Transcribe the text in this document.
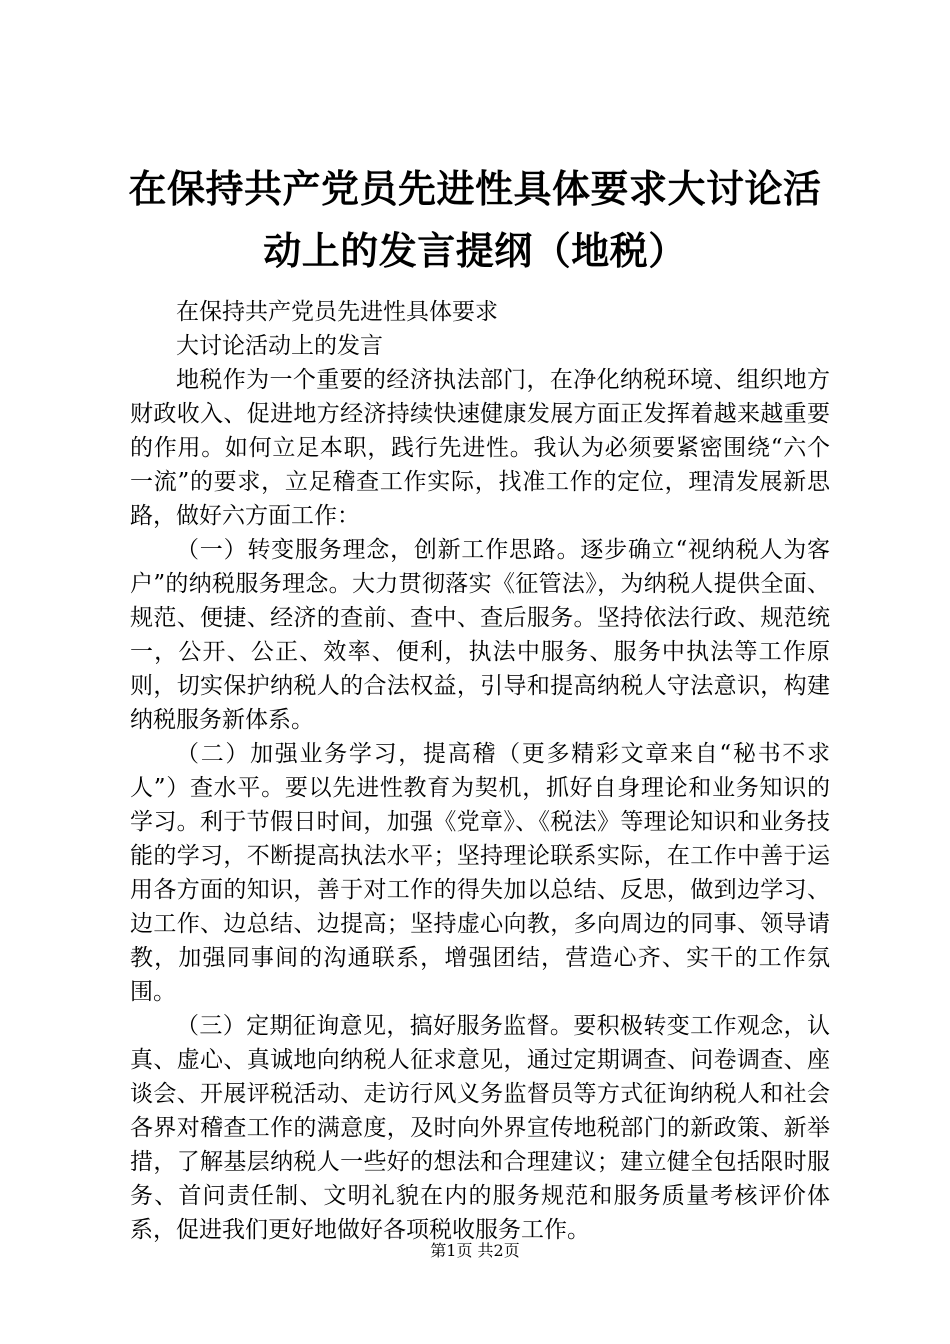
在保持共产党员先进性具体要求大讨论活动上的发言提纲（地税）

在保持共产党员先进性具体要求

大讨论活动上的发言

地税作为一个重要的经济执法部门，在净化纳税环境、组织地方财政收入、促进地方经济持续快速健康发展方面正发挥着越来越重要的作用。如何立足本职，践行先进性。我认为必须要紧密围绕“六个一流”的要求，立足稽查工作实际，找准工作的定位，理清发展新思路，做好六方面工作：

（一）转变服务理念，创新工作思路。逐步确立“视纳税人为客户”的纳税服务理念。大力贯彻落实《征管法》，为纳税人提供全面、规范、便捷、经济的查前、查中、查后服务。坚持依法行政、规范统一，公开、公正、效率、便利，执法中服务、服务中执法等工作原则，切实保护纳税人的合法权益，引导和提高纳税人守法意识，构建纳税服务新体系。

（二）加强业务学习，提高稽（更多精彩文章来自“秘书不求人”）查水平。要以先进性教育为契机，抓好自身理论和业务知识的学习。利于节假日时间，加强《党章》、《税法》等理论知识和业务技能的学习，不断提高执法水平；坚持理论联系实际，在工作中善于运用各方面的知识，善于对工作的得失加以总结、反思，做到边学习、边工作、边总结、边提高；坚持虚心向教，多向周边的同事、领导请教，加强同事间的沟通联系，增强团结，营造心齐、实干的工作氛围。

（三）定期征询意见，搞好服务监督。要积极转变工作观念，认真、虚心、真诚地向纳税人征求意见，通过定期调查、问卷调查、座谈会、开展评税活动、走访行风义务监督员等方式征询纳税人和社会各界对稽查工作的满意度，及时向外界宣传地税部门的新政策、新举措，了解基层纳税人一些好的想法和合理建议；建立健全包括限时服务、首问责任制、文明礼貌在内的服务规范和服务质量考核评价体系，促进我们更好地做好各项税收服务工作。

第1页 共2页
